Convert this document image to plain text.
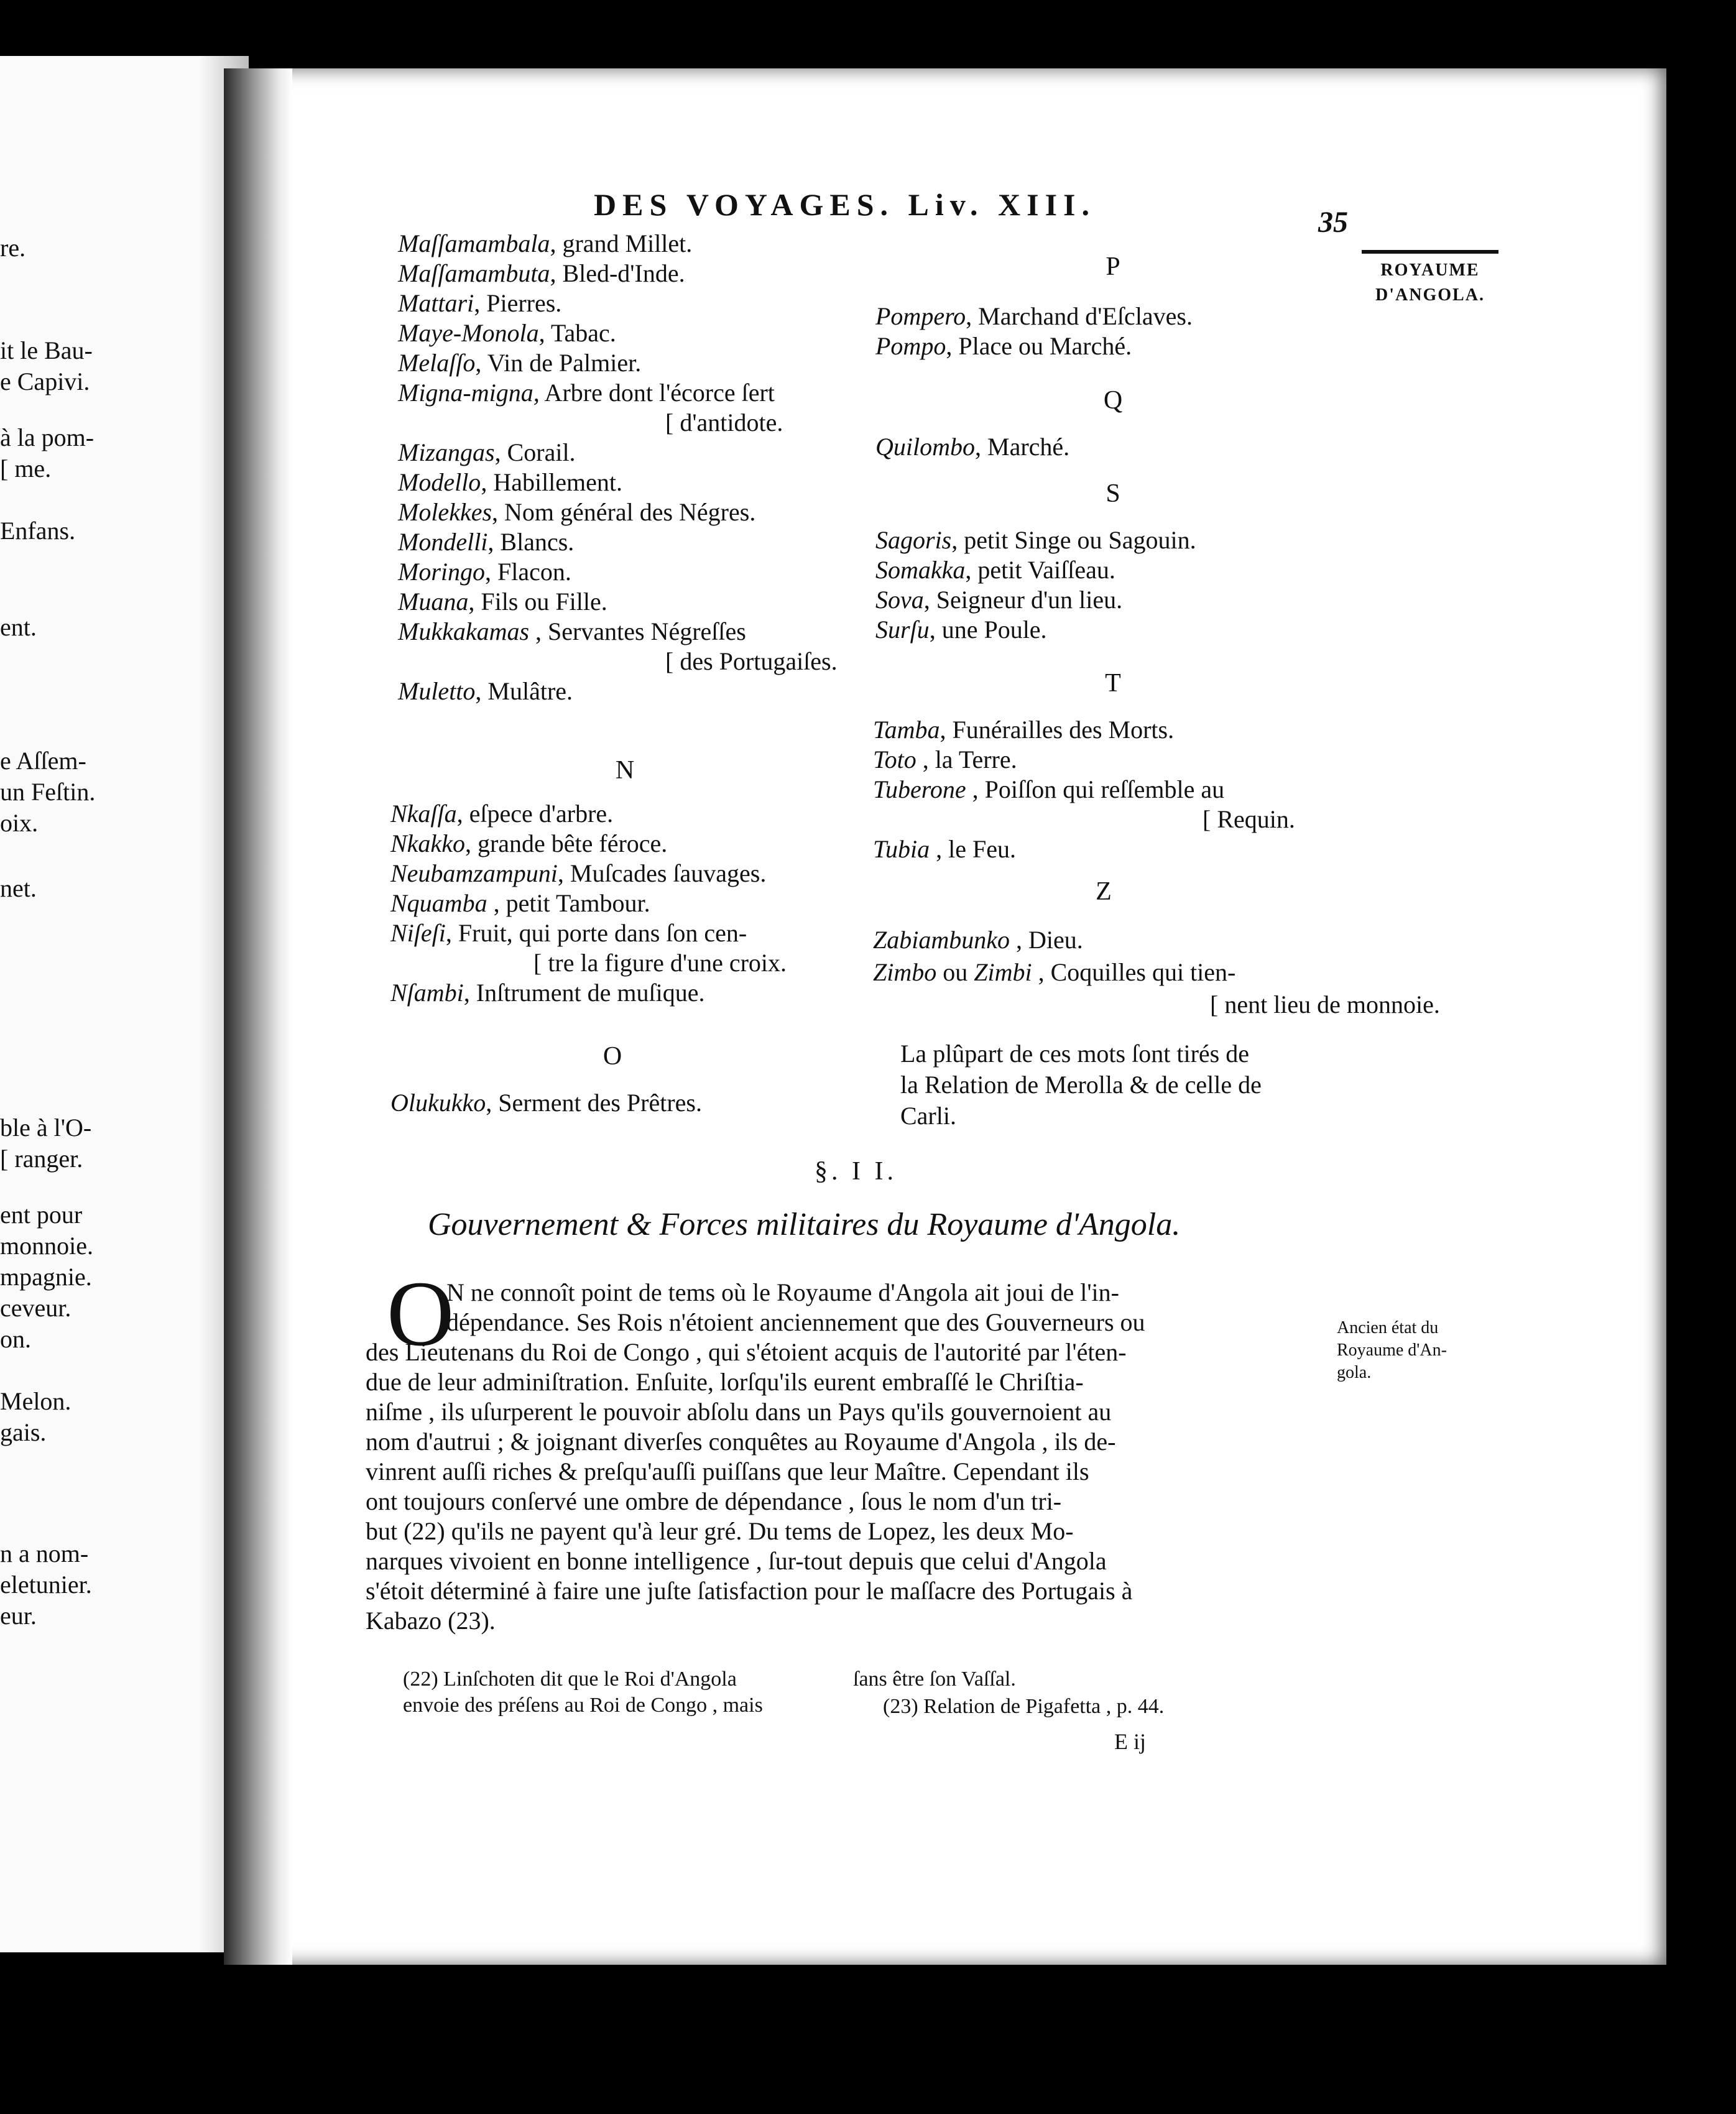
re.
it le Bau-
e Capivi.
à la pom-
[ me.
Enfans.
ent.
e Aſſem-
un Feſtin.
oix.
net.
ble à l'O-
[ ranger.
ent pour
monnoie.
mpagnie.
ceveur.
on.
Melon.
gais.
n a nom-
eletunier.
eur.
DES VOYAGES. Liv. XIII.
35
ROYAUME
D'ANGOLA.
Maſſamambala, grand Millet.
Maſſamambuta, Bled-d'Inde.
Mattari, Pierres.
Maye-Monola, Tabac.
Melaſſo, Vin de Palmier.
Migna-migna, Arbre dont l'écorce ſert
[ d'antidote.
Mizangas, Corail.
Modello, Habillement.
Molekkes, Nom général des Négres.
Mondelli, Blancs.
Moringo, Flacon.
Muana, Fils ou Fille.
Mukkakamas , Servantes Négreſſes
[ des Portugaiſes.
Muletto, Mulâtre.
N
Nkaſſa, eſpece d'arbre.
Nkakko, grande bête féroce.
Neubamzampuni, Muſcades ſauvages.
Nquamba , petit Tambour.
Niſeſi, Fruit, qui porte dans ſon cen-
[ tre la figure d'une croix.
Nſambi, Inſtrument de muſique.
O
Olukukko, Serment des Prêtres.
P
Pompero, Marchand d'Eſclaves.
Pompo, Place ou Marché.
Q
Quilombo, Marché.
S
Sagoris, petit Singe ou Sagouin.
Somakka, petit Vaiſſeau.
Sova, Seigneur d'un lieu.
Surſu, une Poule.
T
Tamba, Funérailles des Morts.
Toto , la Terre.
Tuberone , Poiſſon qui reſſemble au
[ Requin.
Tubia , le Feu.
Z
Zabiambunko , Dieu.
Zimbo ou Zimbi , Coquilles qui tien-
[ nent lieu de monnoie.
La plûpart de ces mots ſont tirés de
la Relation de Merolla & de celle de
Carli.
§. I I.
Gouvernement & Forces militaires du Royaume d'Angola.
O
N ne connoît point de tems où le Royaume d'Angola ait joui de l'in-
dépendance. Ses Rois n'étoient anciennement que des Gouverneurs ou
des Lieutenans du Roi de Congo , qui s'étoient acquis de l'autorité par l'éten-
due de leur adminiſtration. Enſuite, lorſqu'ils eurent embraſſé le Chriſtia-
niſme , ils uſurperent le pouvoir abſolu dans un Pays qu'ils gouvernoient au
nom d'autrui ; & joignant diverſes conquêtes au Royaume d'Angola , ils de-
vinrent auſſi riches & preſqu'auſſi puiſſans que leur Maître. Cependant ils
ont toujours conſervé une ombre de dépendance , ſous le nom d'un tri-
but (22) qu'ils ne payent qu'à leur gré. Du tems de Lopez, les deux Mo-
narques vivoient en bonne intelligence , ſur-tout depuis que celui d'Angola
s'étoit déterminé à faire une juſte ſatisfaction pour le maſſacre des Portugais à
Kabazo (23).
Ancien état du
Royaume d'An-
gola.
(22) Linſchoten dit que le Roi d'Angola
envoie des préſens au Roi de Congo , mais
ſans être ſon Vaſſal.
(23) Relation de Pigafetta , p. 44.
E ij
